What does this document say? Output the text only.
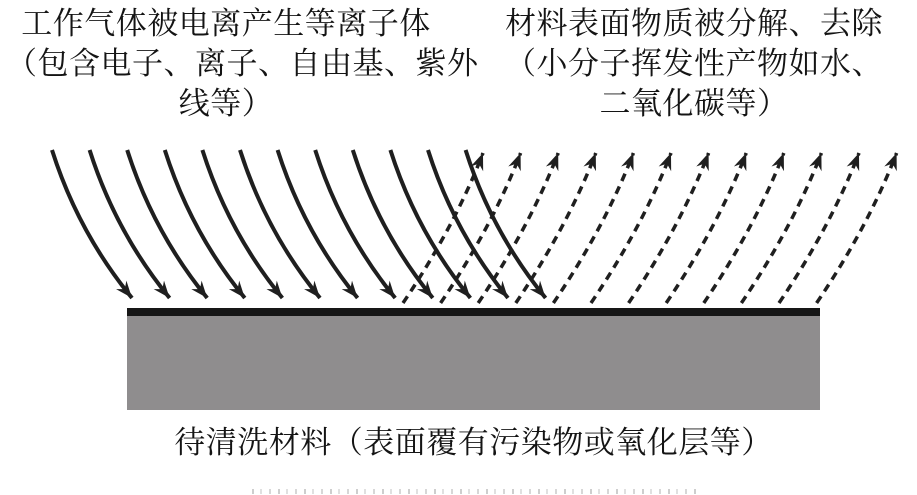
工作气体被电离产生等离子体
（包含电子、离子、自由基、紫外
线等）
材料表面物质被分解、去除
（小分子挥发性产物如水、
二氧化碳等）
待清洗材料（表面覆有污染物或氧化层等）
